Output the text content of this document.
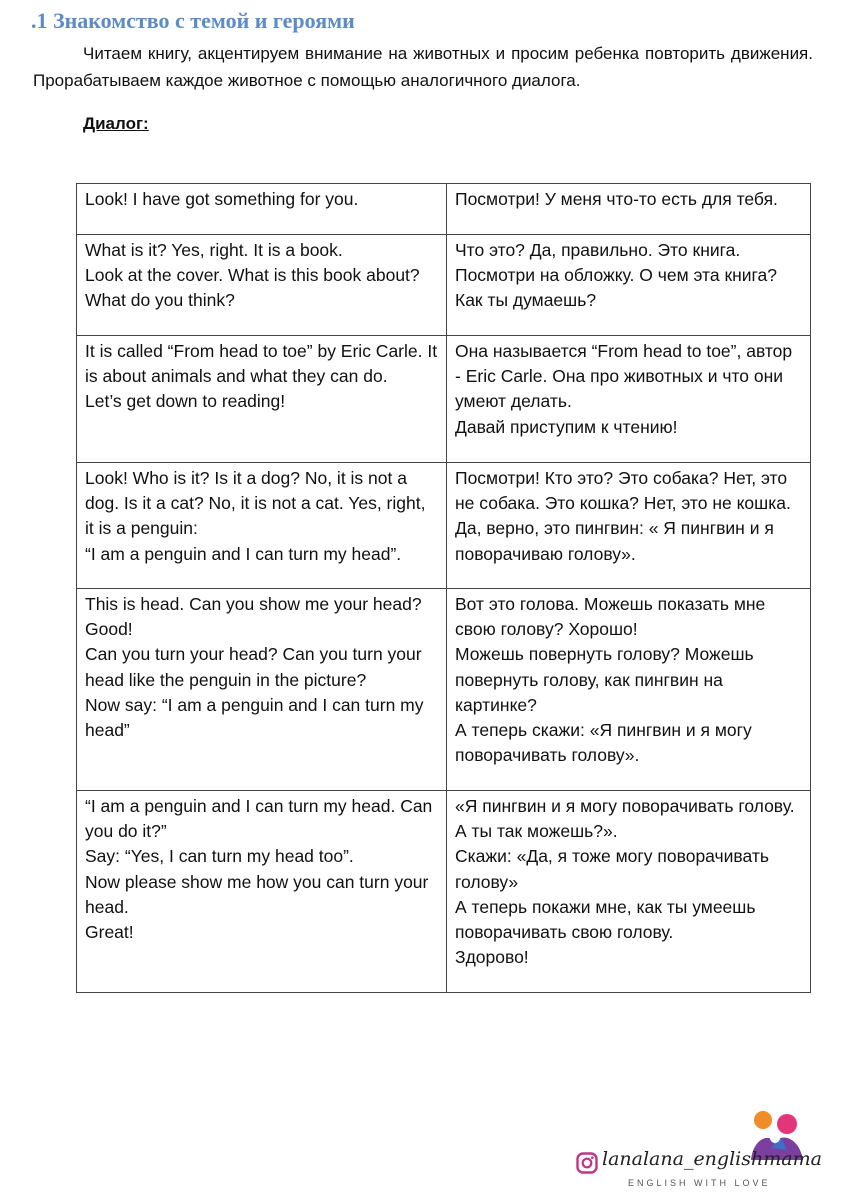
.1 Знакомство с темой и героями

Читаем книгу, акцентируем внимание на животных и просим ребенка повторить движения. Прорабатываем каждое животное с помощью аналогичного диалога.

Диалог:

Look! I have got something for you.	Посмотри! У меня что-то есть для тебя.

What is it? Yes, right. It is a book.
Look at the cover. What is this book about? What do you think?	Что это? Да, правильно. Это книга.
Посмотри на обложку. О чем эта книга? Как ты думаешь?

It is called “From head to toe” by Eric Carle. It is about animals and what they can do.
Let’s get down to reading!	Она называется “From head to toe”, автор - Eric Carle. Она про животных и что они умеют делать.
Давай приступим к чтению!

Look! Who is it? Is it a dog? No, it is not a dog. Is it a cat? No, it is not a cat. Yes, right, it is a penguin:
“I am a penguin and I can turn my head”.	Посмотри! Кто это? Это собака? Нет, это не собака. Это кошка? Нет, это не кошка. Да, верно, это пингвин: « Я пингвин и я поворачиваю голову».

This is head. Can you show me your head? Good!
Can you turn your head? Can you turn your head like the penguin in the picture?
Now say: “I am a penguin and I can turn my head”	Вот это голова. Можешь показать мне свою голову? Хорошо!
Можешь повернуть голову? Можешь повернуть голову, как пингвин на картинке?
А теперь скажи: «Я пингвин и я могу поворачивать голову».

“I am a penguin and I can turn my head. Can you do it?”
Say: “Yes, I can turn my head too”.
Now please show me how you can turn your head.
Great!	«Я пингвин и я могу поворачивать голову. А ты так можешь?».
Скажи: «Да, я тоже могу поворачивать голову»
А теперь покажи мне, как ты умеешь поворачивать свою голову.
Здорово!

lanalana_englishmama

ENGLISH WITH LOVE
